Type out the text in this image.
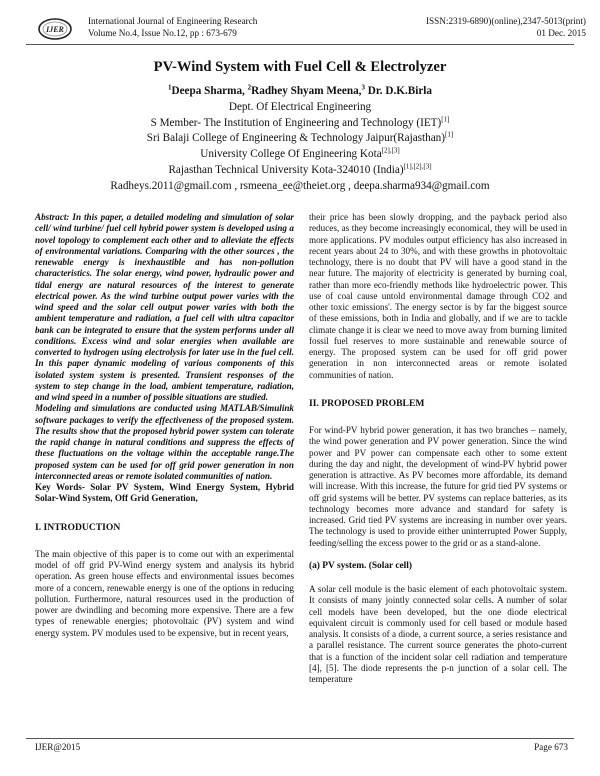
IJER
International Journal of Engineering Research
Volume No.4, Issue No.12, pp : 673-679
ISSN:2319-6890)(online),2347-5013(print)
01 Dec. 2015
PV-Wind System with Fuel Cell & Electrolyzer
$^1$Deepa Sharma, $^2$Radhey Shyam Meena,$^3$ Dr. D.K.Birla
Dept. Of Electrical Engineering
S Member- The Institution of Engineering and Technology (IET)[1]
Sri Balaji College of Engineering & Technology Jaipur(Rajasthan)[1]
University College Of Engineering Kota[2],[3]
Rajasthan Technical University Kota-324010 (India)[1],[2],[3]
Radheys.2011@gmail.com , rsmeena_ee@theiet.org , deepa.sharma934@gmail.com

Abstract: In this paper, a detailed modeling and simulation of solar cell/ wind turbine/ fuel cell hybrid power system is developed using a novel topology to complement each other and to alleviate the effects of environmental variations. Comparing with the other sources , the renewable energy is inexhaustible and has non-pollution characteristics. The solar energy, wind power, hydraulic power and tidal energy are natural resources of the interest to generate electrical power. As the wind turbine output power varies with the wind speed and the solar cell output power varies with both the ambient temperature and radiation, a fuel cell with ultra capacitor bank can be integrated to ensure that the system performs under all conditions. Excess wind and solar energies when available are converted to hydrogen using electrolysis for later use in the fuel cell. In this paper dynamic modeling of various components of this isolated system system is presented. Transient responses of the system to step change in the load, ambient temperature, radiation, and wind speed in a number of possible situations are studied.

Modeling and simulations are conducted using MATLAB/Simulink software packages to verify the effectiveness of the proposed system. The results show that the proposed hybrid power system can tolerate the rapid change in natural conditions and suppress the effects of these fluctuations on the voltage within the acceptable range.The proposed system can be used for off grid power generation in non interconnected areas or remote isolated communities of nation.

Key Words- Solar PV System, Wind Energy System, Hybrid Solar-Wind System, Off Grid Generation,

I. INTRODUCTION

The main objective of this paper is to come out with an experimental model of off grid PV-Wind energy system and analysis its hybrid operation. As green house effects and environmental issues becomes more of a concern, renewable energy is one of the options in reducing pollution. Furthermore, natural resources used in the production of power are dwindling and becoming more expensive. There are a few types of renewable energies; photovoltaic (PV) system and wind energy system. PV modules used to be expensive, but in recent years,

their price has been slowly dropping, and the payback period also reduces, as they become increasingly economical, they will be used in more applications. PV modules output efficiency has also increased in recent years about 24 to 30%, and with these growths in photovoltaic technology, there is no doubt that PV will have a good stand in the near future. The majority of electricity is generated by burning coal, rather than more eco-friendly methods like hydroelectric power. This use of coal cause untold environmental damage through CO2 and other toxic emissions'. The energy sector is by far the biggest source of these emissions, both in India and globally, and if we are to tackle climate change it is clear we need to move away from burning limited fossil fuel reserves to more sustainable and renewable source of energy. The proposed system can be used for off grid power generation in non interconnected areas or remote isolated communities of nation.

II. PROPOSED PROBLEM

For wind-PV hybrid power generation, it has two branches – namely, the wind power generation and PV power generation. Since the wind power and PV power can compensate each other to some extent during the day and night, the development of wind-PV hybrid power generation is attractive. As PV becomes more affordable, its demand will increase. With this increase, the future for grid tied PV systems or off grid systems will be better. PV systems can replace batteries, as its technology becomes more advance and standard for safety is increased. Grid tied PV systems are increasing in number over years. The technology is used to provide either uninterrupted Power Supply, feeding/selling the excess power to the grid or as a stand-alone.

(a) PV system. (Solar cell)

A solar cell module is the basic element of each photovoltaic system. It consists of many jointly connected solar cells. A number of solar cell models have been developed, but the one diode electrical equivalent circuit is commonly used for cell based or module based analysis. It consists of a diode, a current source, a series resistance and a parallel resistance. The current source generates the photo-current that is a function of the incident solar cell radiation and temperature [4], [5]. The diode represents the p-n junction of a solar cell. The temperature

IJER@2015	Page 673
